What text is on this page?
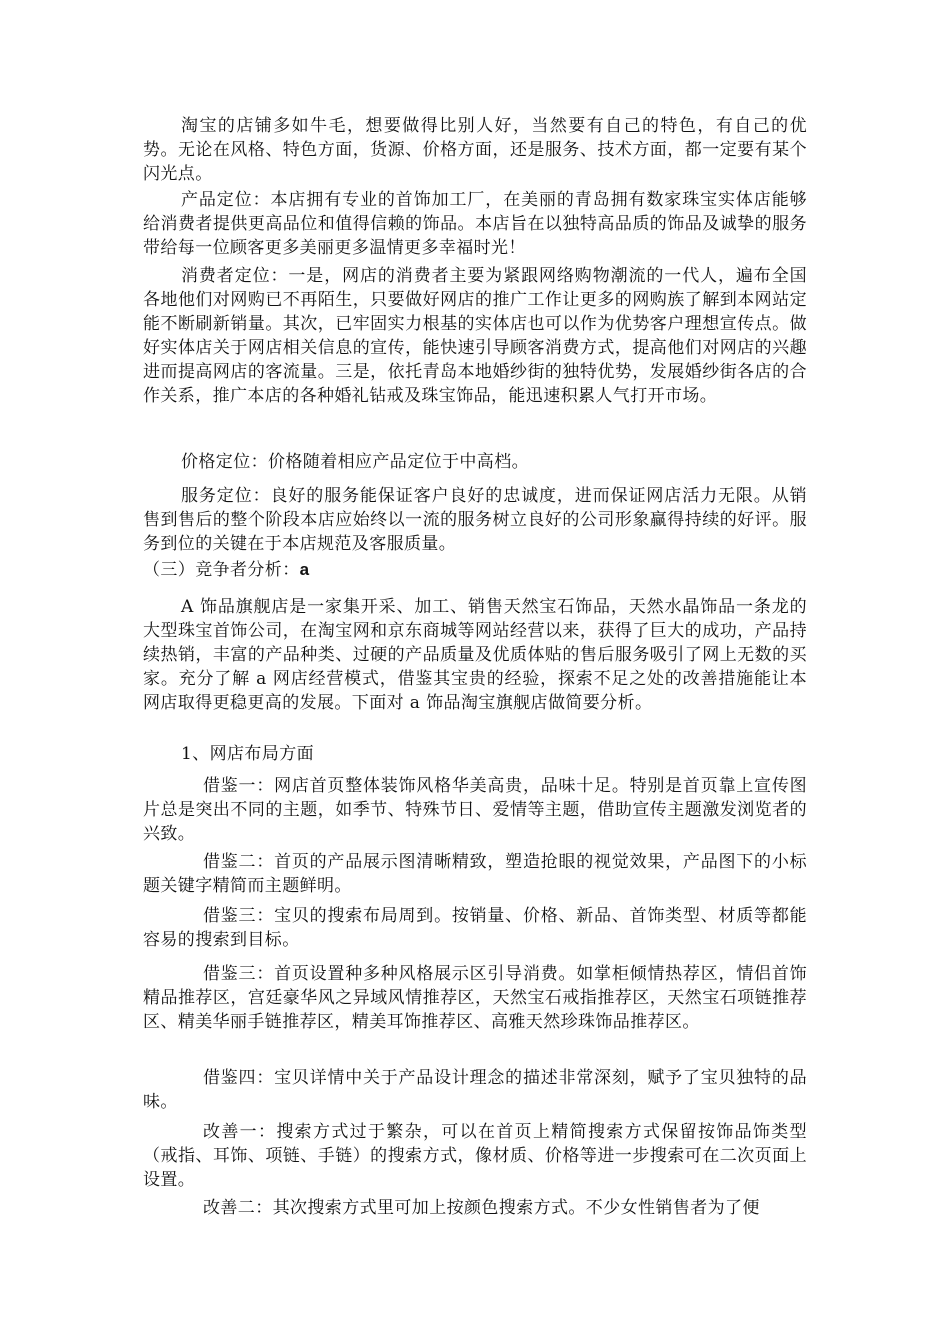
淘宝的店铺多如牛毛，想要做得比别人好，当然要有自己的特色，有自己的优势。无论在风格、特色方面，货源、价格方面，还是服务、技术方面，都一定要有某个闪光点。

产品定位：本店拥有专业的首饰加工厂，在美丽的青岛拥有数家珠宝实体店能够给消费者提供更高品位和值得信赖的饰品。本店旨在以独特高品质的饰品及诚挚的服务带给每一位顾客更多美丽更多温情更多幸福时光！

消费者定位：一是，网店的消费者主要为紧跟网络购物潮流的一代人，遍布全国各地他们对网购已不再陌生，只要做好网店的推广工作让更多的网购族了解到本网站定能不断刷新销量。其次，已牢固实力根基的实体店也可以作为优势客户理想宣传点。做好实体店关于网店相关信息的宣传，能快速引导顾客消费方式，提高他们对网店的兴趣进而提高网店的客流量。三是，依托青岛本地婚纱街的独特优势，发展婚纱街各店的合作关系，推广本店的各种婚礼钻戒及珠宝饰品，能迅速积累人气打开市场。

价格定位：价格随着相应产品定位于中高档。

服务定位：良好的服务能保证客户良好的忠诚度，进而保证网店活力无限。从销售到售后的整个阶段本店应始终以一流的服务树立良好的公司形象赢得持续的好评。服务到位的关键在于本店规范及客服质量。

（三）竞争者分析：a

A 饰品旗舰店是一家集开采、加工、销售天然宝石饰品，天然水晶饰品一条龙的大型珠宝首饰公司，在淘宝网和京东商城等网站经营以来，获得了巨大的成功，产品持续热销，丰富的产品种类、过硬的产品质量及优质体贴的售后服务吸引了网上无数的买家。充分了解 a 网店经营模式，借鉴其宝贵的经验，探索不足之处的改善措施能让本网店取得更稳更高的发展。下面对 a 饰品淘宝旗舰店做简要分析。

1、网店布局方面

借鉴一：网店首页整体装饰风格华美高贵，品味十足。特别是首页靠上宣传图片总是突出不同的主题，如季节、特殊节日、爱情等主题，借助宣传主题激发浏览者的兴致。

借鉴二：首页的产品展示图清晰精致，塑造抢眼的视觉效果，产品图下的小标题关键字精简而主题鲜明。

借鉴三：宝贝的搜索布局周到。按销量、价格、新品、首饰类型、材质等都能容易的搜索到目标。

借鉴三：首页设置种多种风格展示区引导消费。如掌柜倾情热荐区，情侣首饰精品推荐区，宫廷豪华风之异域风情推荐区，天然宝石戒指推荐区，天然宝石项链推荐区、精美华丽手链推荐区，精美耳饰推荐区、高雅天然珍珠饰品推荐区。

借鉴四：宝贝详情中关于产品设计理念的描述非常深刻，赋予了宝贝独特的品味。

改善一：搜索方式过于繁杂，可以在首页上精简搜索方式保留按饰品饰类型（戒指、耳饰、项链、手链）的搜索方式，像材质、价格等进一步搜索可在二次页面上设置。

改善二：其次搜索方式里可加上按颜色搜索方式。不少女性销售者为了便
